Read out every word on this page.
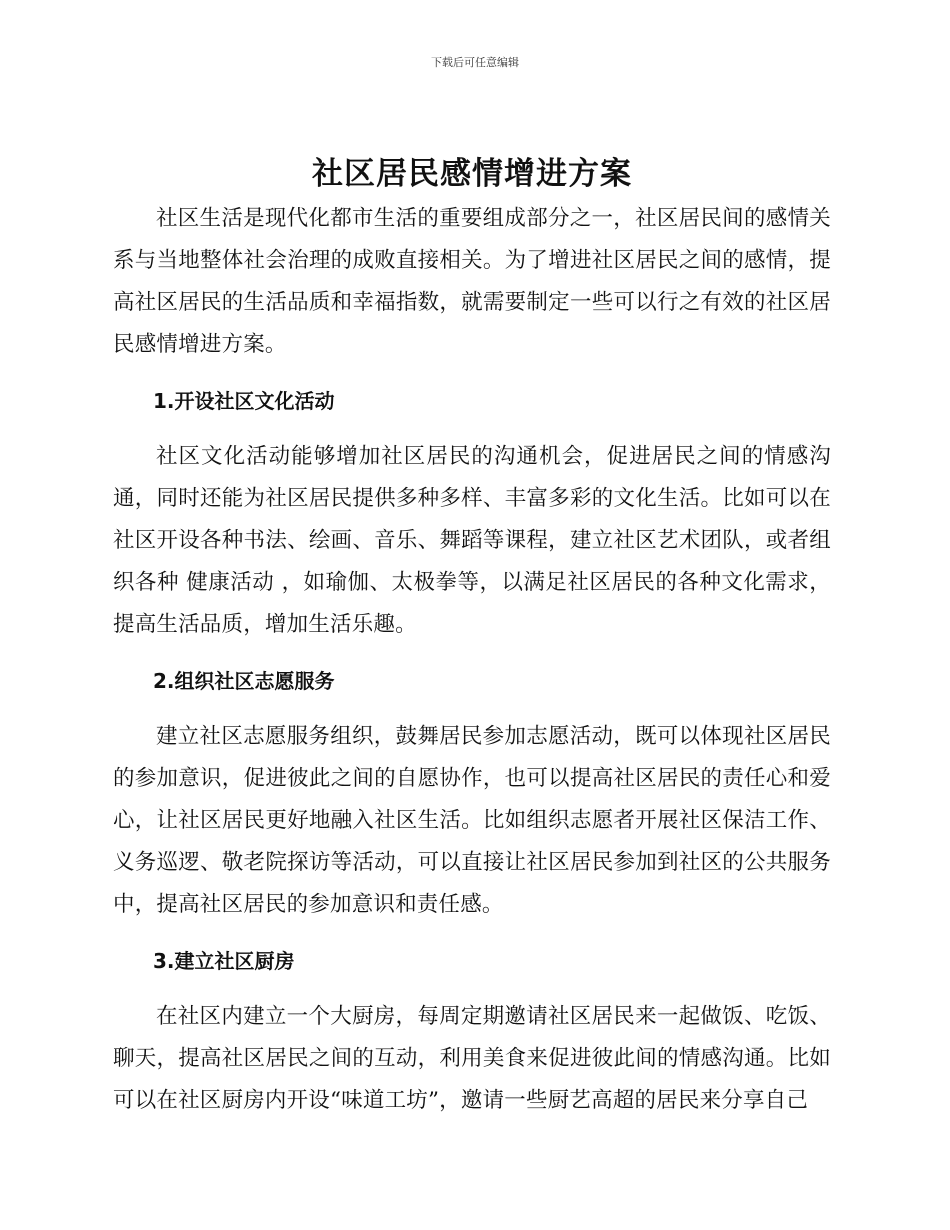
下载后可任意编辑
社区居民感情增进方案

社区生活是现代化都市生活的重要组成部分之一，社区居民间的感情关系与当地整体社会治理的成败直接相关。为了增进社区居民之间的感情，提高社区居民的生活品质和幸福指数，就需要制定一些可以行之有效的社区居民感情增进方案。

1.开设社区文化活动

社区文化活动能够增加社区居民的沟通机会，促进居民之间的情感沟通，同时还能为社区居民提供多种多样、丰富多彩的文化生活。比如可以在社区开设各种书法、绘画、音乐、舞蹈等课程，建立社区艺术团队，或者组织各种 健康活动 ，如瑜伽、太极拳等，以满足社区居民的各种文化需求，提高生活品质，增加生活乐趣。

2.组织社区志愿服务

建立社区志愿服务组织，鼓舞居民参加志愿活动，既可以体现社区居民的参加意识，促进彼此之间的自愿协作，也可以提高社区居民的责任心和爱心，让社区居民更好地融入社区生活。比如组织志愿者开展社区保洁工作、义务巡逻、敬老院探访等活动，可以直接让社区居民参加到社区的公共服务中，提高社区居民的参加意识和责任感。

3.建立社区厨房

在社区内建立一个大厨房，每周定期邀请社区居民来一起做饭、吃饭、聊天，提高社区居民之间的互动，利用美食来促进彼此间的情感沟通。比如可以在社区厨房内开设“味道工坊”，邀请一些厨艺高超的居民来分享自己
